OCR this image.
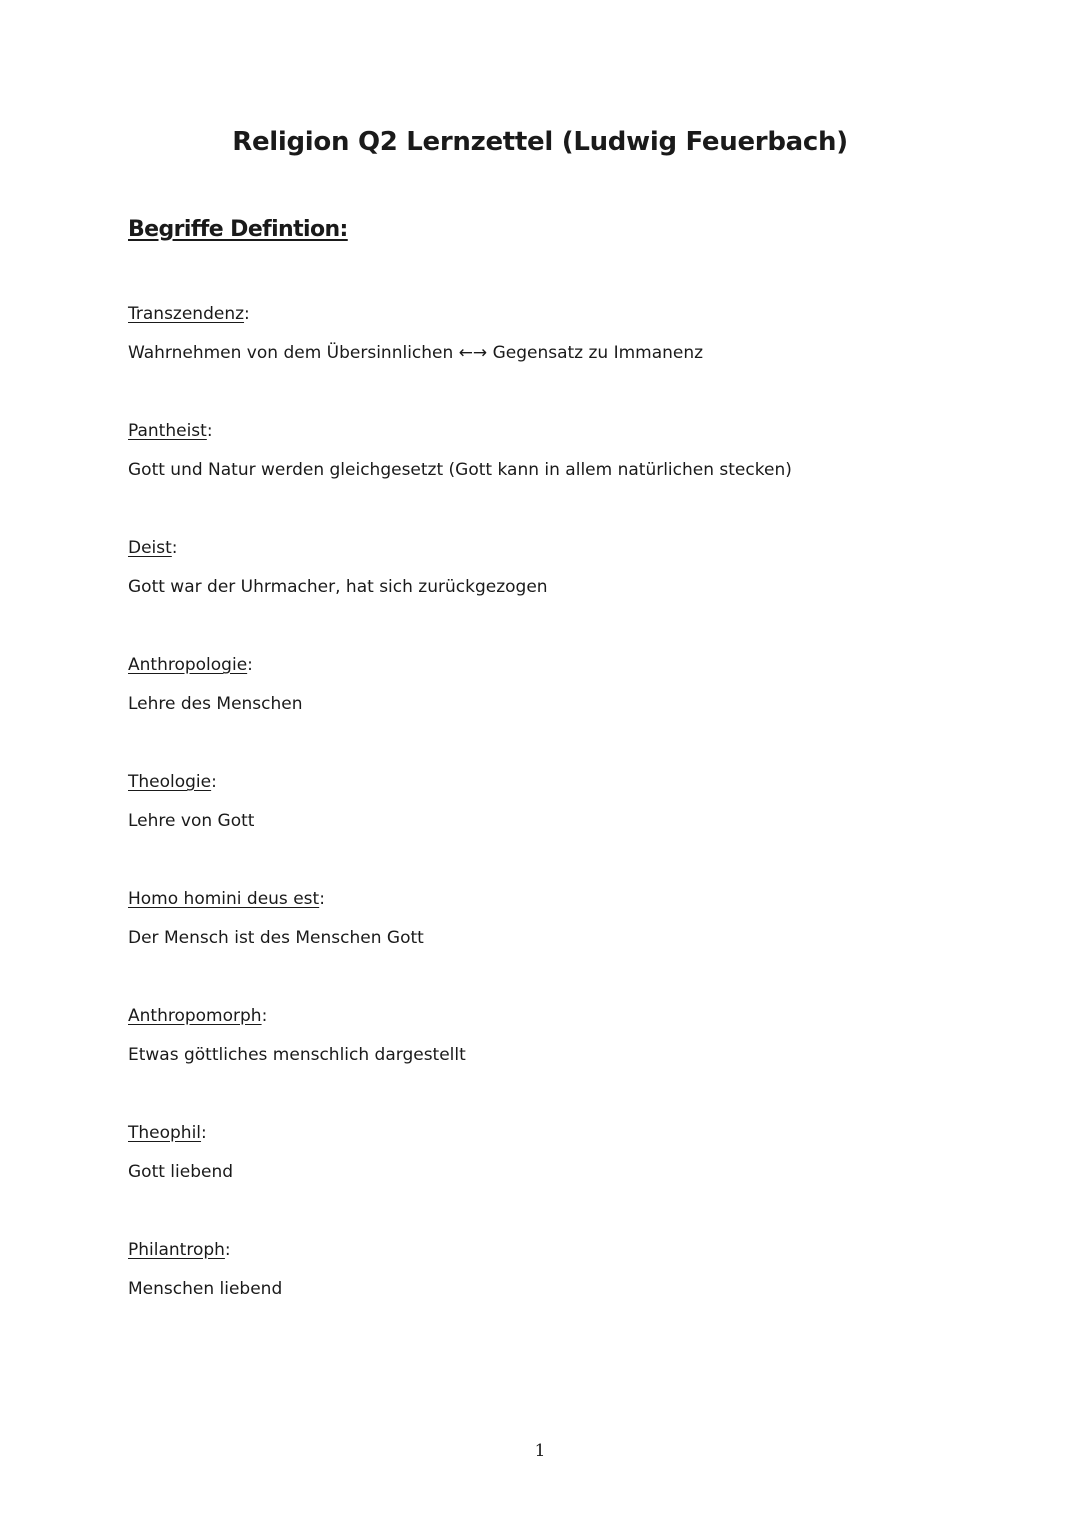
Religion Q2 Lernzettel (Ludwig Feuerbach)
Begriffe Defintion:
Transzendenz:
Wahrnehmen von dem Übersinnlichen ←→ Gegensatz zu Immanenz
Pantheist:
Gott und Natur werden gleichgesetzt (Gott kann in allem natürlichen stecken)
Deist:
Gott war der Uhrmacher, hat sich zurückgezogen
Anthropologie:
Lehre des Menschen
Theologie:
Lehre von Gott
Homo homini deus est:
Der Mensch ist des Menschen Gott
Anthropomorph:
Etwas göttliches menschlich dargestellt
Theophil:
Gott liebend
Philantroph:
Menschen liebend
1
